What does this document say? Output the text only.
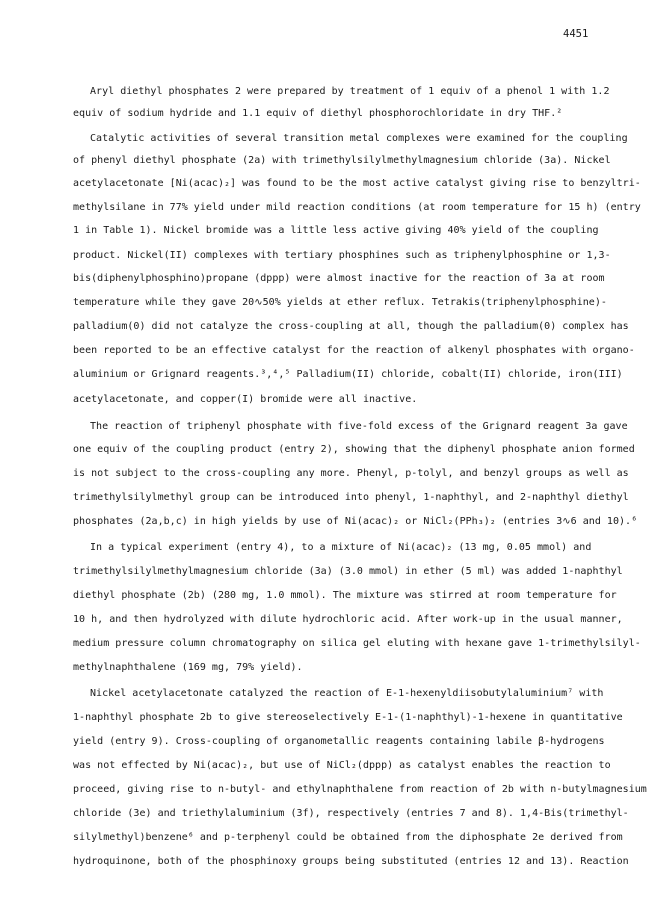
4451
Aryl diethyl phosphates 2 were prepared by treatment of 1 equiv of a phenol 1 with 1.2
equiv of sodium hydride and 1.1 equiv of diethyl phosphorochloridate in dry THF.²
Catalytic activities of several transition metal complexes were examined for the coupling
of phenyl diethyl phosphate (2a) with trimethylsilylmethylmagnesium chloride (3a). Nickel
acetylacetonate [Ni(acac)₂] was found to be the most active catalyst giving rise to benzyltri-
methylsilane in 77% yield under mild reaction conditions (at room temperature for 15 h) (entry
1 in Table 1). Nickel bromide was a little less active giving 40% yield of the coupling
product. Nickel(II) complexes with tertiary phosphines such as triphenylphosphine or 1,3-
bis(diphenylphosphino)propane (dppp) were almost inactive for the reaction of 3a at room
temperature while they gave 20∿50% yields at ether reflux. Tetrakis(triphenylphosphine)-
palladium(0) did not catalyze the cross-coupling at all, though the palladium(0) complex has
been reported to be an effective catalyst for the reaction of alkenyl phosphates with organo-
aluminium or Grignard reagents.³,⁴,⁵ Palladium(II) chloride, cobalt(II) chloride, iron(III)
acetylacetonate, and copper(I) bromide were all inactive.
The reaction of triphenyl phosphate with five-fold excess of the Grignard reagent 3a gave
one equiv of the coupling product (entry 2), showing that the diphenyl phosphate anion formed
is not subject to the cross-coupling any more. Phenyl, p-tolyl, and benzyl groups as well as
trimethylsilylmethyl group can be introduced into phenyl, 1-naphthyl, and 2-naphthyl diethyl
phosphates (2a,b,c) in high yields by use of Ni(acac)₂ or NiCl₂(PPh₃)₂ (entries 3∿6 and 10).⁶
In a typical experiment (entry 4), to a mixture of Ni(acac)₂ (13 mg, 0.05 mmol) and
trimethylsilylmethylmagnesium chloride (3a) (3.0 mmol) in ether (5 ml) was added 1-naphthyl
diethyl phosphate (2b) (280 mg, 1.0 mmol). The mixture was stirred at room temperature for
10 h, and then hydrolyzed with dilute hydrochloric acid. After work-up in the usual manner,
medium pressure column chromatography on silica gel eluting with hexane gave 1-trimethylsilyl-
methylnaphthalene (169 mg, 79% yield).
Nickel acetylacetonate catalyzed the reaction of E-1-hexenyldiisobutylaluminium⁷ with
1-naphthyl phosphate 2b to give stereoselectively E-1-(1-naphthyl)-1-hexene in quantitative
yield (entry 9). Cross-coupling of organometallic reagents containing labile β-hydrogens
was not effected by Ni(acac)₂, but use of NiCl₂(dppp) as catalyst enables the reaction to
proceed, giving rise to n-butyl- and ethylnaphthalene from reaction of 2b with n-butylmagnesium
chloride (3e) and triethylaluminium (3f), respectively (entries 7 and 8). 1,4-Bis(trimethyl-
silylmethyl)benzene⁶ and p-terphenyl could be obtained from the diphosphate 2e derived from
hydroquinone, both of the phosphinoxy groups being substituted (entries 12 and 13). Reaction
